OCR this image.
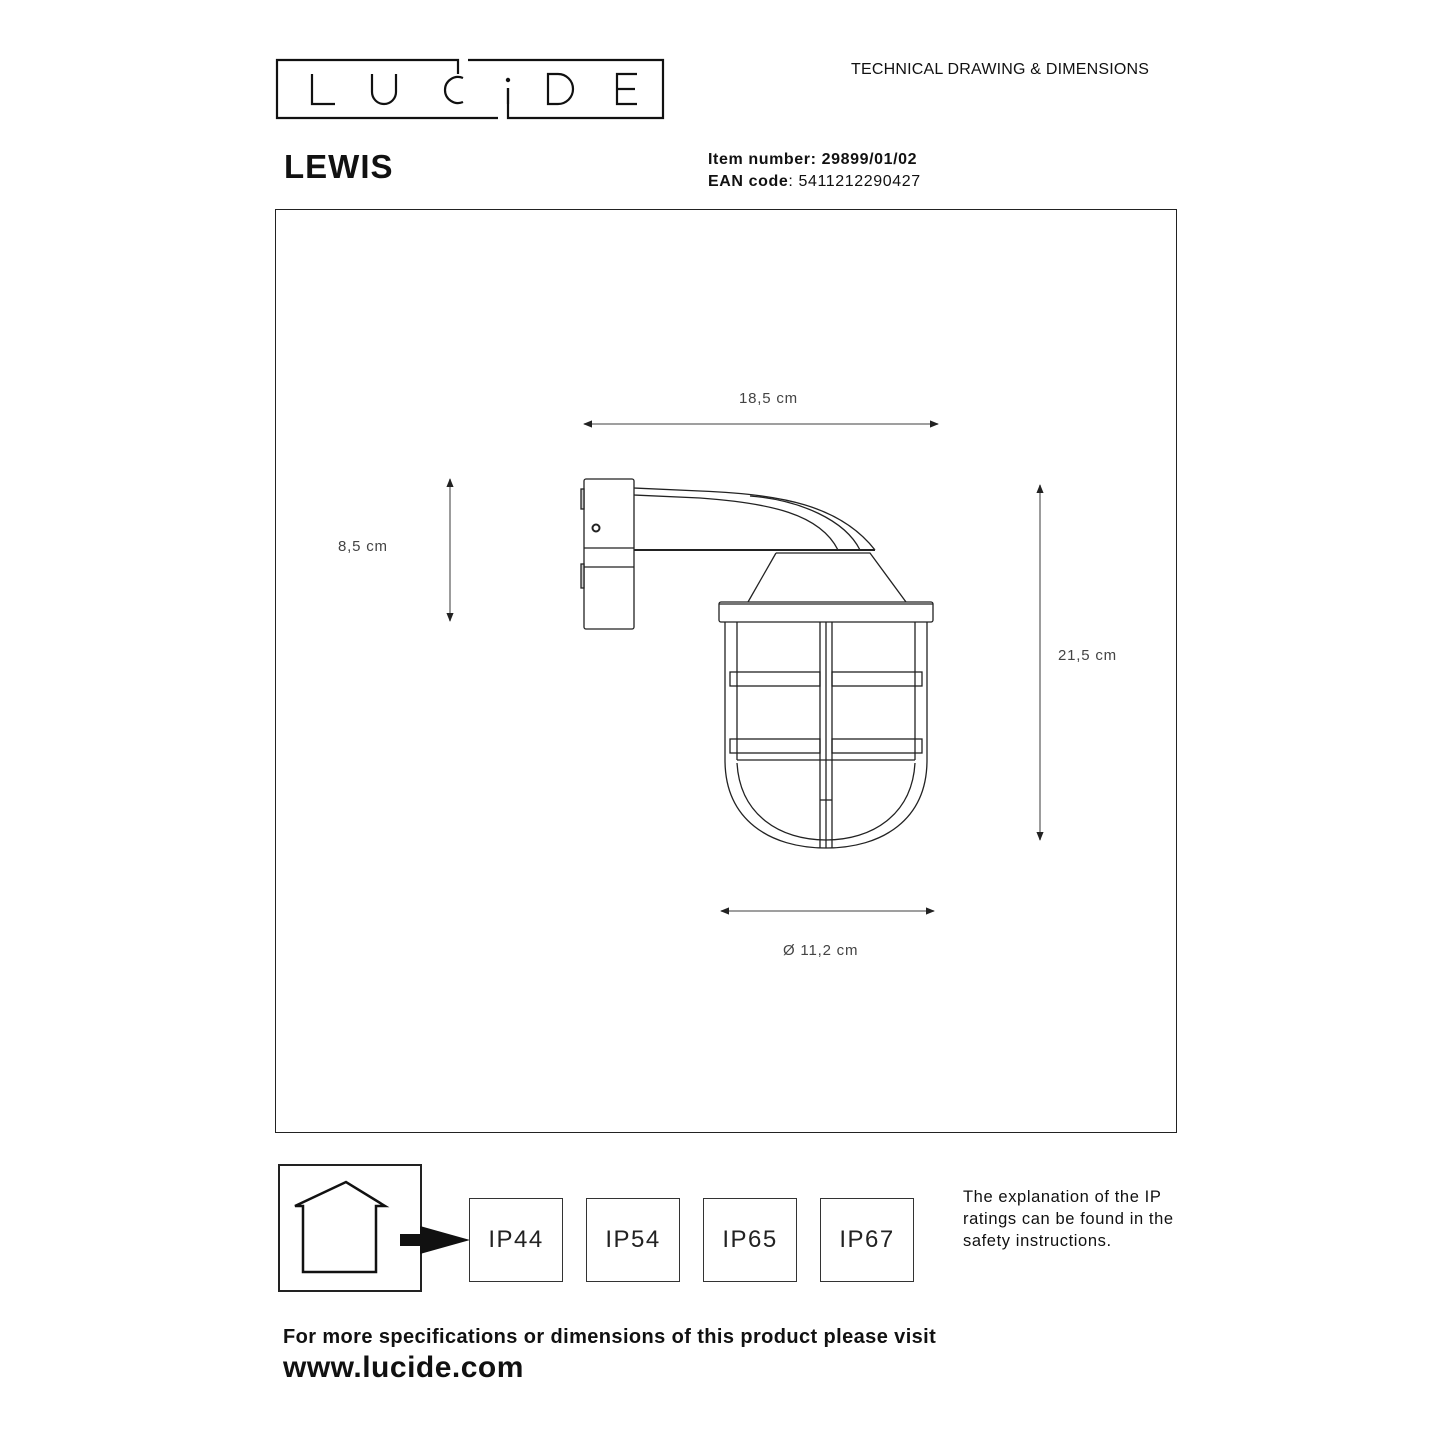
TECHNICAL DRAWING & DIMENSIONS
LEWIS	Item number: 29899/01/02
EAN code: 5411212290427
18,5 cm
8,5 cm
21,5 cm
Ø 11,2 cm
IP44	IP54	IP65	IP67
The explanation of the IP ratings can be found in the safety instructions.
For more specifications or dimensions of this product please visit
www.lucide.com
